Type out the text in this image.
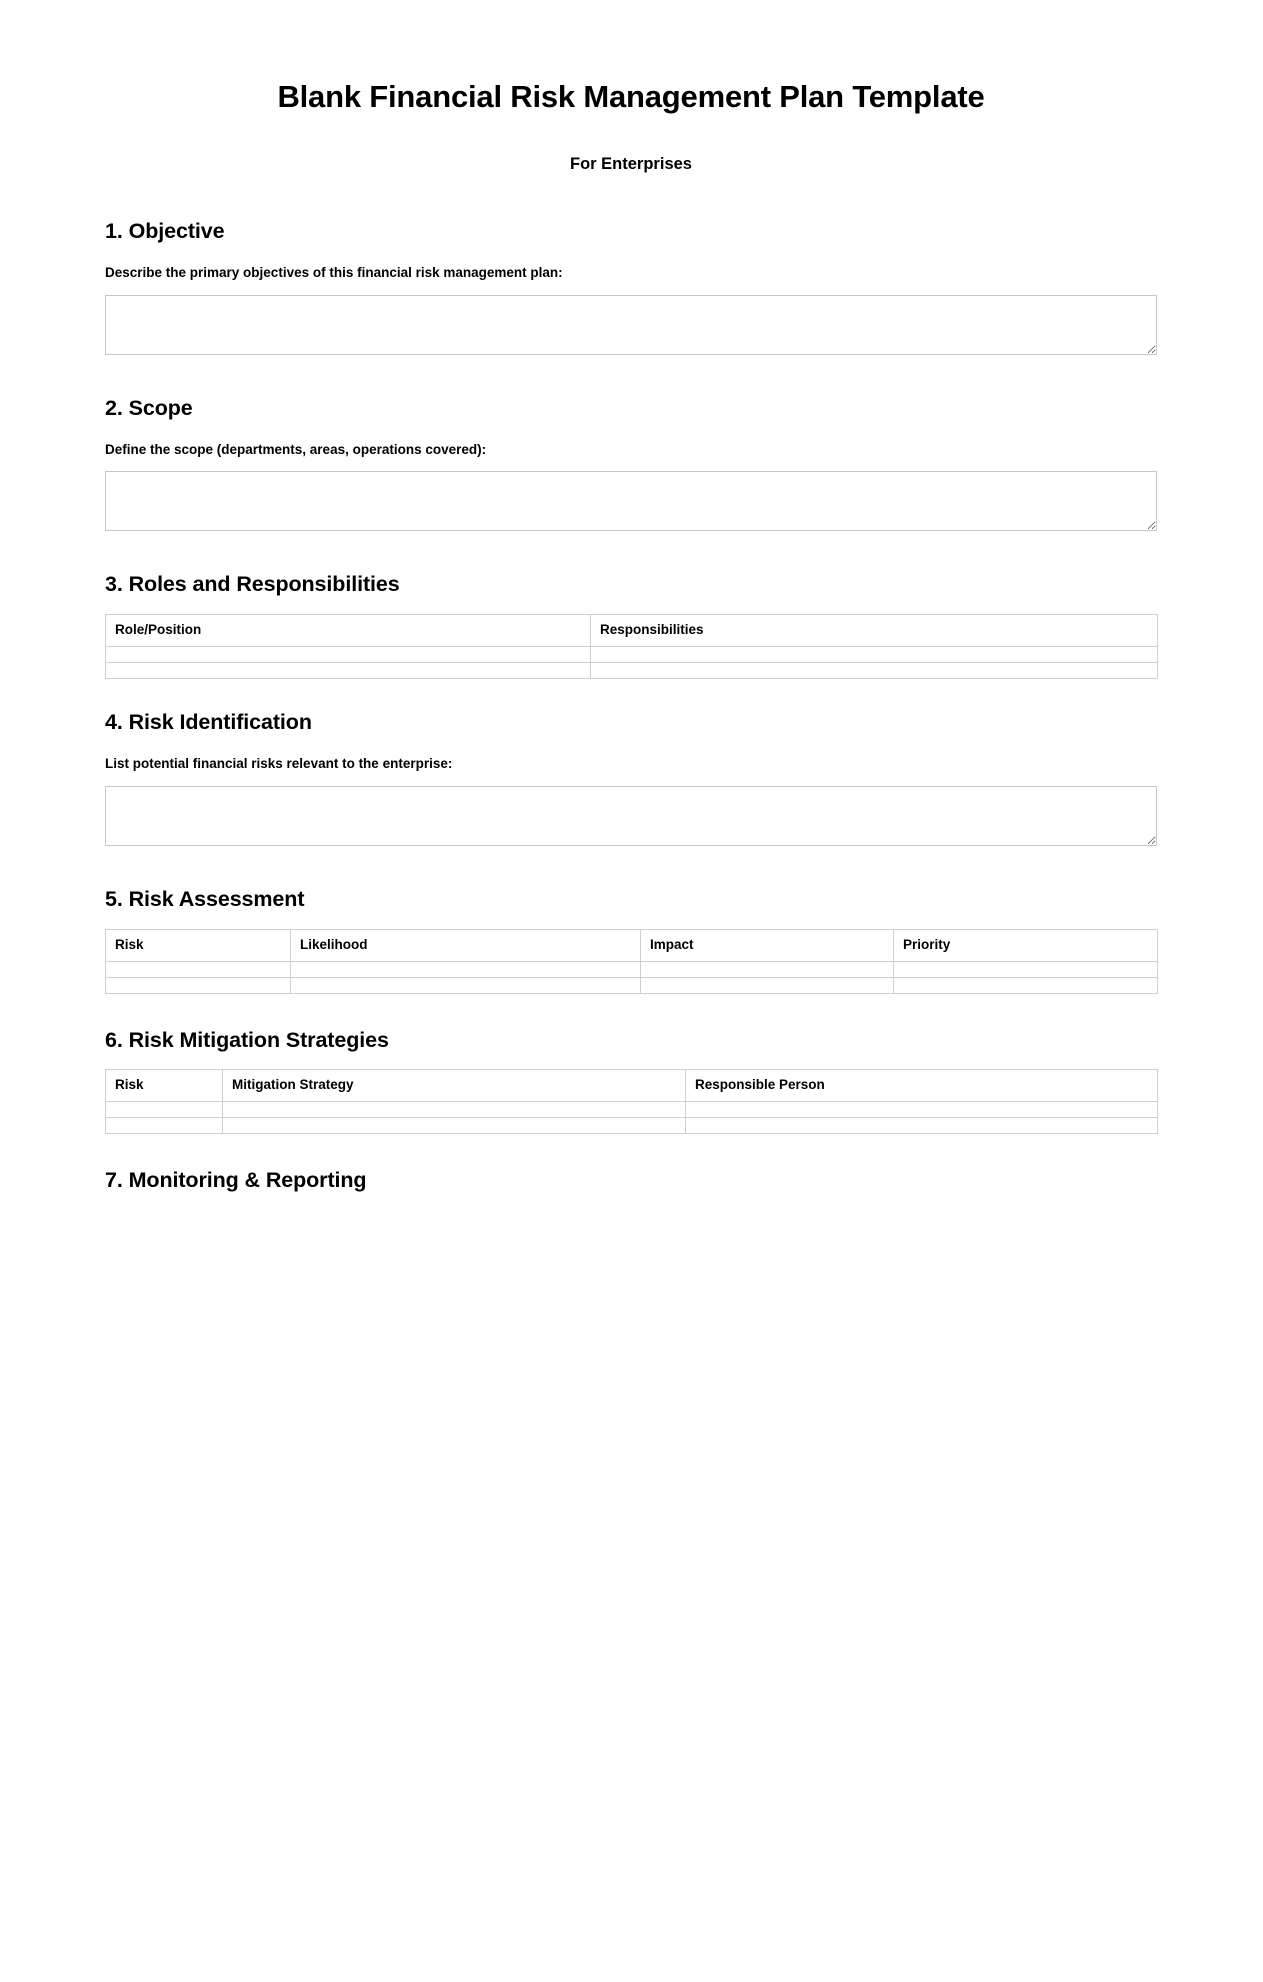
Blank Financial Risk Management Plan Template
For Enterprises
1. Objective
Describe the primary objectives of this financial risk management plan:
2. Scope
Define the scope (departments, areas, operations covered):
3. Roles and Responsibilities
Role/Position	Responsibilities

4. Risk Identification
List potential financial risks relevant to the enterprise:
5. Risk Assessment
Risk	Likelihood	Impact	Priority

6. Risk Mitigation Strategies
Risk	Mitigation Strategy	Responsible Person

7. Monitoring & Reporting
